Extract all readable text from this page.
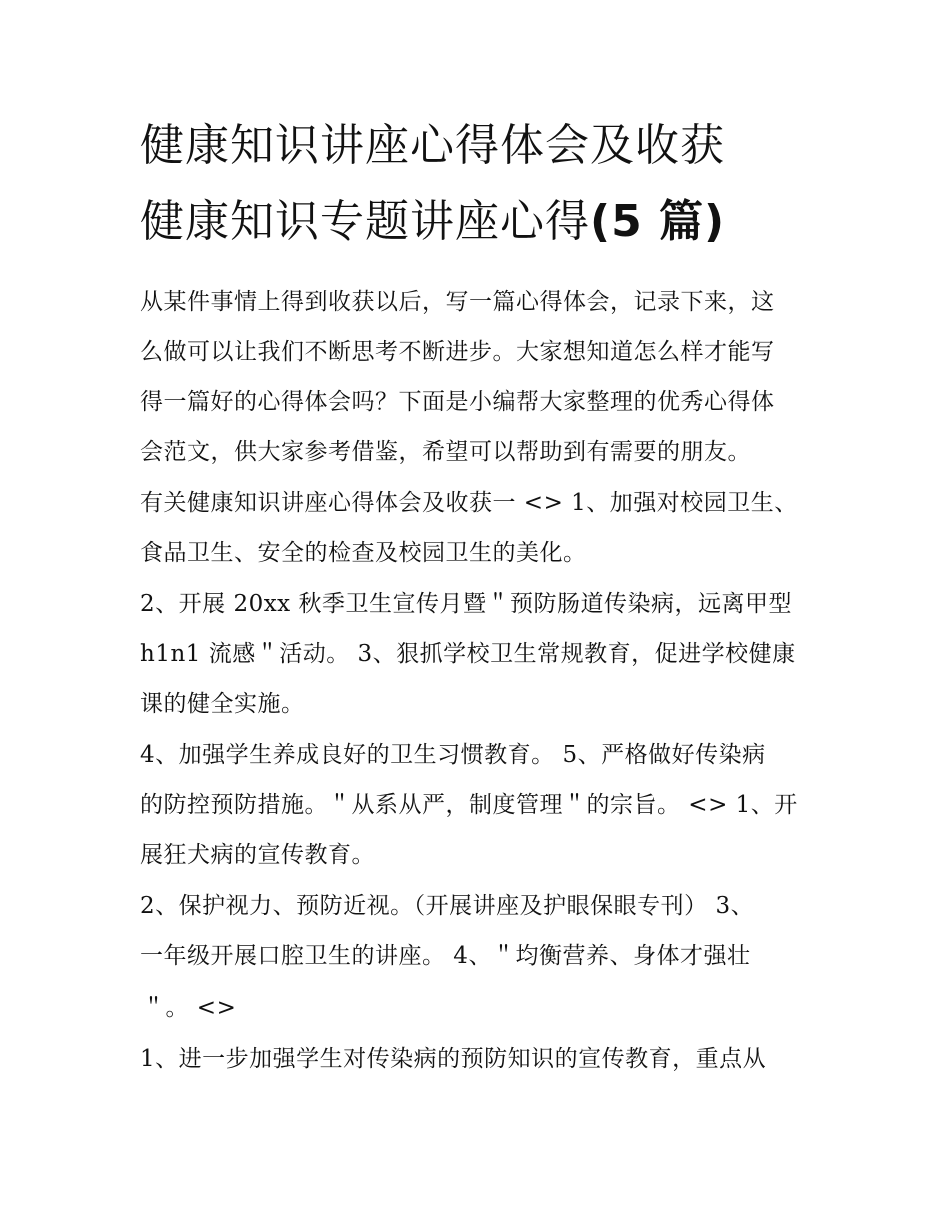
健康知识讲座心得体会及收获
健康知识专题讲座心得(5 篇)
从某件事情上得到收获以后，写一篇心得体会，记录下来，这
么做可以让我们不断思考不断进步。大家想知道怎么样才能写
得一篇好的心得体会吗？下面是小编帮大家整理的优秀心得体
会范文，供大家参考借鉴，希望可以帮助到有需要的朋友。
有关健康知识讲座心得体会及收获一 <> 1、加强对校园卫生、
食品卫生、安全的检查及校园卫生的美化。
2、开展 20xx 秋季卫生宣传月暨＂预防肠道传染病，远离甲型
h1n1 流感＂活动。 3、狠抓学校卫生常规教育，促进学校健康
课的健全实施。
4、加强学生养成良好的卫生习惯教育。 5、严格做好传染病
的防控预防措施。＂从系从严，制度管理＂的宗旨。 <> 1、开
展狂犬病的宣传教育。
2、保护视力、预防近视。（开展讲座及护眼保眼专刊） 3、
一年级开展口腔卫生的讲座。 4、＂均衡营养、身体才强壮
＂。 <>
1、进一步加强学生对传染病的预防知识的宣传教育，重点从
